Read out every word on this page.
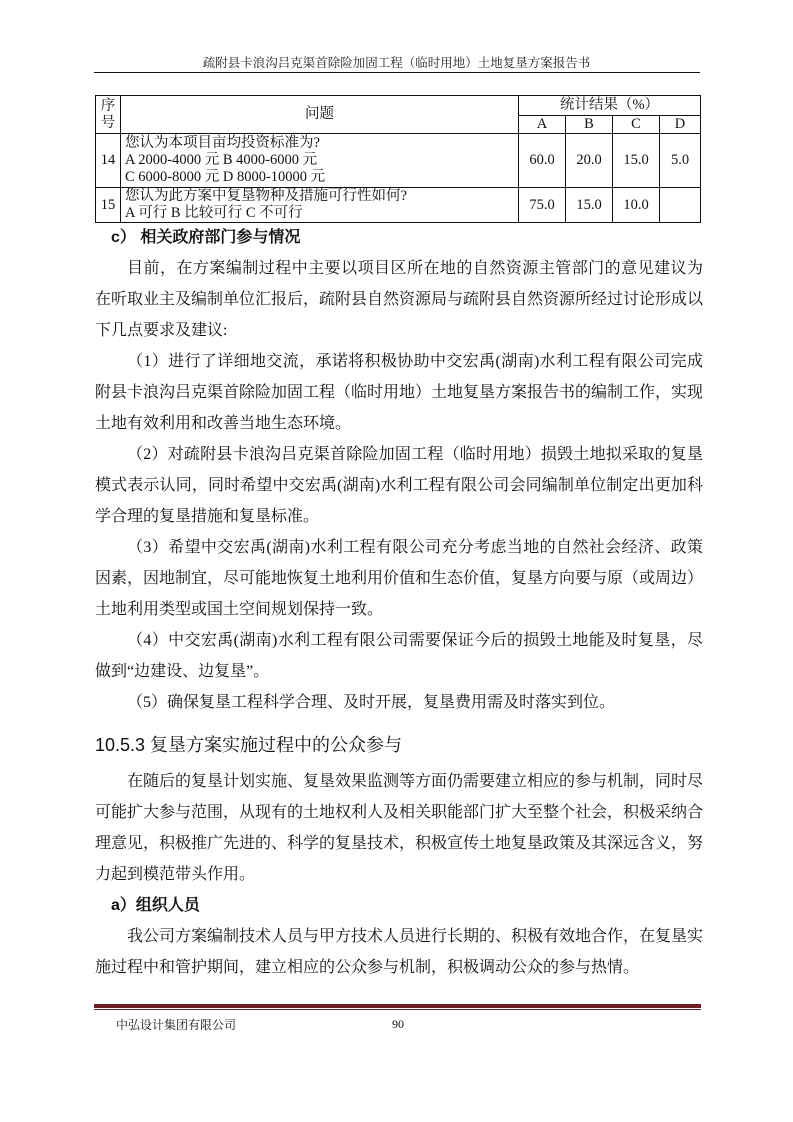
疏附县卡浪沟吕克渠首除险加固工程（临时用地）土地复垦方案报告书
序号	问题	统计结果（%）			
		A	B	C	D
14	您认为本项目亩均投资标准为?
A 2000-4000 元 B 4000-6000 元
C 6000-8000 元 D 8000-10000 元	60.0	20.0	15.0	5.0
15	您认为此方案中复垦物种及措施可行性如何?
A 可行 B 比较可行 C 不可行	75.0	15.0	10.0	
c） 相关政府部门参与情况
目前，在方案编制过程中主要以项目区所在地的自然资源主管部门的意见建议为
在听取业主及编制单位汇报后，疏附县自然资源局与疏附县自然资源所经过讨论形成以
下几点要求及建议:
（1）进行了详细地交流，承诺将积极协助中交宏禹(湖南)水利工程有限公司完成
附县卡浪沟吕克渠首除险加固工程（临时用地）土地复垦方案报告书的编制工作，实现
土地有效利用和改善当地生态环境。
（2）对疏附县卡浪沟吕克渠首除险加固工程（临时用地）损毁土地拟采取的复垦
模式表示认同，同时希望中交宏禹(湖南)水利工程有限公司会同编制单位制定出更加科
学合理的复垦措施和复垦标准。
（3）希望中交宏禹(湖南)水利工程有限公司充分考虑当地的自然社会经济、政策
因素，因地制宜，尽可能地恢复土地利用价值和生态价值，复垦方向要与原（或周边）
土地利用类型或国土空间规划保持一致。
（4）中交宏禹(湖南)水利工程有限公司需要保证今后的损毁土地能及时复垦，尽
做到“边建设、边复垦”。
（5）确保复垦工程科学合理、及时开展，复垦费用需及时落实到位。
10.5.3 复垦方案实施过程中的公众参与
在随后的复垦计划实施、复垦效果监测等方面仍需要建立相应的参与机制，同时尽
可能扩大参与范围，从现有的土地权利人及相关职能部门扩大至整个社会，积极采纳合
理意见，积极推广先进的、科学的复垦技术，积极宣传土地复垦政策及其深远含义，努
力起到模范带头作用。
a）组织人员
我公司方案编制技术人员与甲方技术人员进行长期的、积极有效地合作，在复垦实
施过程中和管护期间，建立相应的公众参与机制，积极调动公众的参与热情。
中弘设计集团有限公司	90
